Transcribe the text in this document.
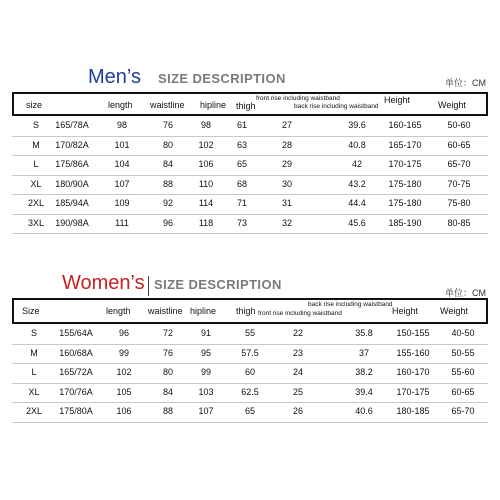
Men’s SIZE DESCRIPTION	单位：CM
size	length waistline hipline thigh
front rise including waistband
back rise including waistband
Height	Weight
S 165/78A	98	76	98	61	27	39.6	160-165	50-60
M 170/82A	101	80	102	63	28	40.8	165-170	60-65
L 175/86A	104	84	106	65	29	42	170-175	65-70
XL 180/90A	107	88	110	68	30	43.2	175-180	70-75
2XL 185/94A	109	92	114	71	31	44.4	175-180	75-80
3XL 190/98A	111	96	118	73	32	45.6	185-190	80-85
Women’s SIZE DESCRIPTION
单位：CM
Size	length waistline hipline thigh
back rise including waistband
front rise including waistband	Height Weight
S 155/64A	96	72	91	55	22	35.8	150-155 40-50
M 160/68A	99	76	95	57.5	23	37	155-160 50-55
L	165/72A	102	80	99	60	24	38.2	160-170 55-60
XL 170/76A	105	84	103	62.5	25	39.4	170-175 60-65
2XL 175/80A	106	88	107	65	26	40.6	180-185 65-70
